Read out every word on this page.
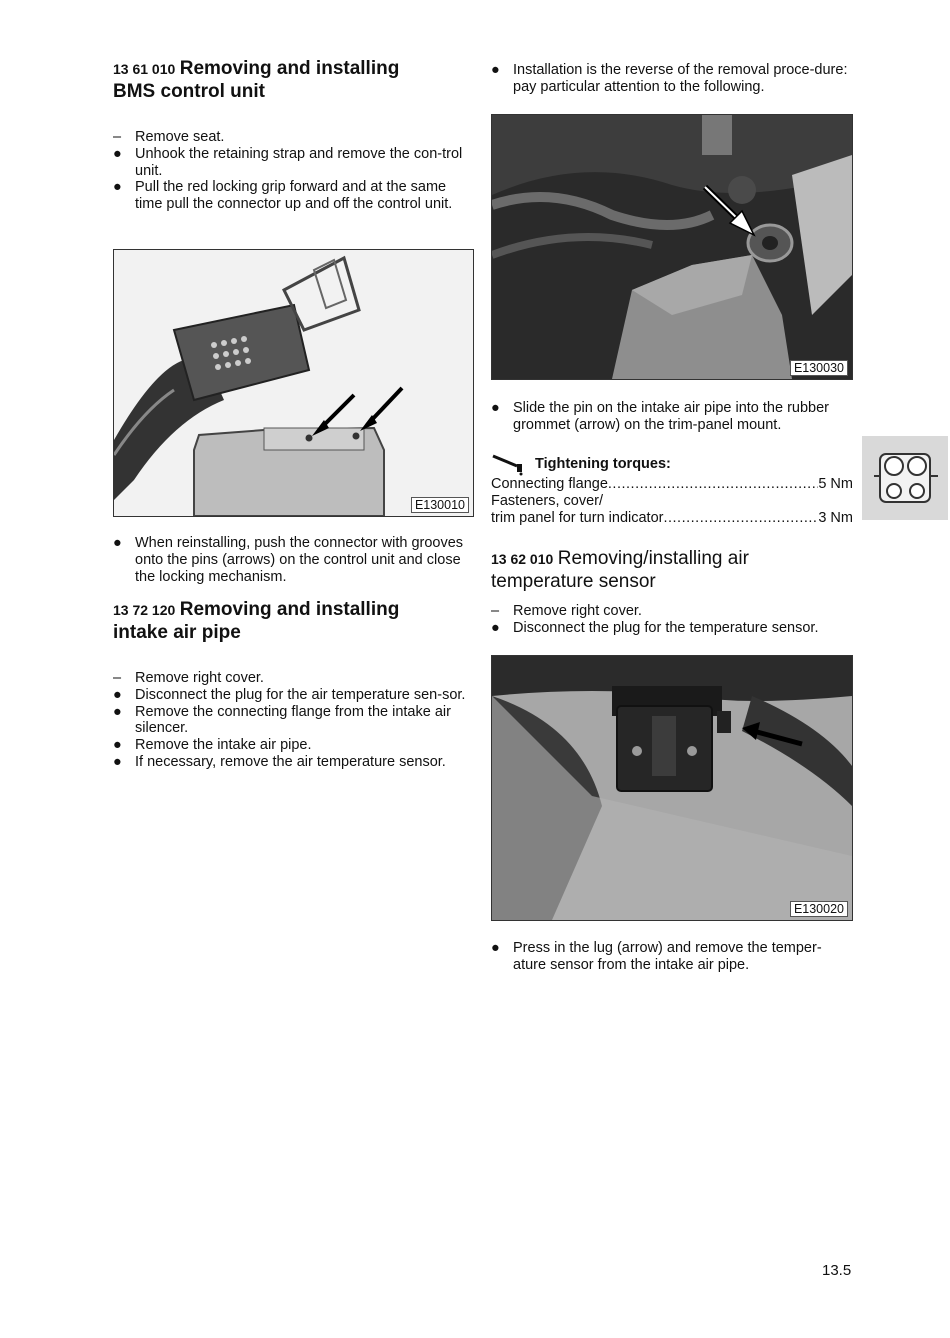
13 61 010 Removing and installing
BMS control unit
– Remove seat.
● Unhook the retaining strap and remove the con-trol unit.
● Pull the red locking grip forward and at the same time pull the connector up and off the control unit.
E130010
● When reinstalling, push the connector with grooves onto the pins (arrows) on the control unit and close the locking mechanism.
13 72 120 Removing and installing
intake air pipe
– Remove right cover.
● Disconnect the plug for the air temperature sen-sor.
● Remove the connecting flange from the intake air silencer.
● Remove the intake air pipe.
● If necessary, remove the air temperature sensor.
● Installation is the reverse of the removal proce-dure: pay particular attention to the following.
E130030
● Slide the pin on the intake air pipe into the rubber grommet (arrow) on the trim-panel mount.
Tightening torques:
Connecting flange .....	5 Nm
Fasteners, cover/
trim panel for turn indicator .....	3 Nm
13 62 010 Removing/installing air
temperature sensor
– Remove right cover.
● Disconnect the plug for the temperature sensor.
E130020
● Press in the lug (arrow) and remove the temper-ature sensor from the intake air pipe.
13.5
